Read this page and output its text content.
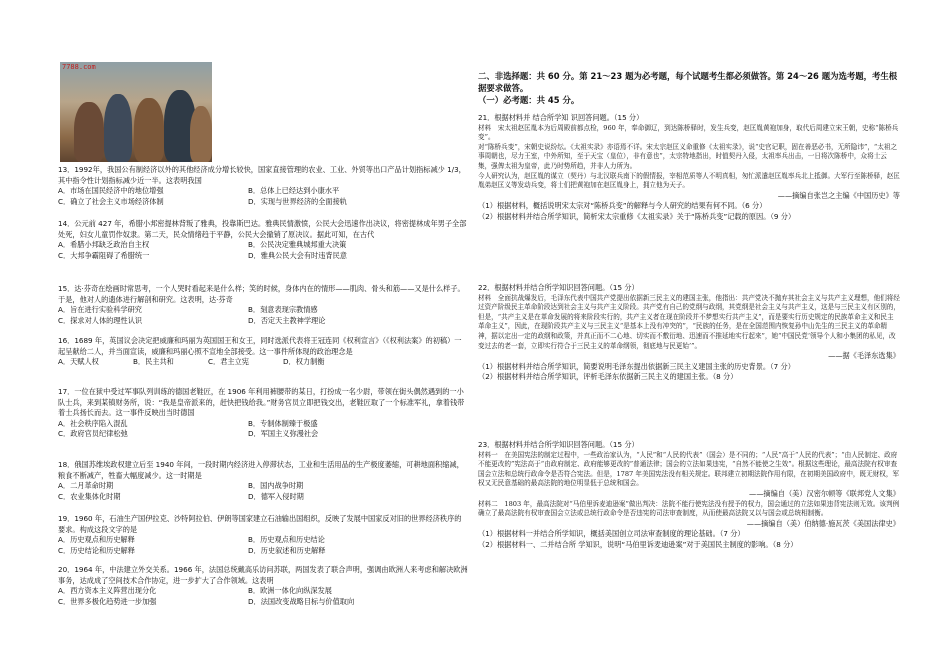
7788.com

13．1992年，我国公有制经济以外的其他经济成分增长较快，国家直接管理的农业、工业、外贸等出口产品计划指标减少 1/3，其中指令性计划指标减少近一半。这表明我国

A．市场在国民经济中的地位增强	B．总体上已经达到小康水平
C．确立了社会主义市场经济体制	D．实现与世界经济的全面接轨

14．公元前 427 年，希腊小邦密提林背叛了雅典，投靠斯巴达。雅典民情激愤，公民大会迅速作出决议，将密提林成年男子全部处死，妇女儿童罚作奴隶。第二天，民众情绪趋于平静，公民大会撤销了原决议。据此可知，在古代

A．希腊小邦缺乏政治自主权	B．公民决定雅典城邦重大决策
C．大邦争霸阻碍了希腊统一	D．雅典公民大会有时违背民意

15．达·芬奇在绘画时常思考，一个人哭时看起来是什么样；笑的时候，身体内在的情形——肌肉、骨头和筋——又是什么样子。于是，他对人的遗体进行解剖和研究。这表明，达·芬奇

A．旨在进行实验科学研究	B．刻意表现宗教情感
C．探求对人体的理性认识	D．否定天主教神学理论

16．1689 年，英国议会决定把威廉和玛丽为英国国王和女王，同时选派代表将王冠连同《权利宣言》（《权利法案》的初稿）一起呈献给二人，并当面宣读，威廉和玛丽心照不宣地全部接受。这一事件所体现的政治理念是

A．天赋人权	B．民主共和	C．君主立宪	D．权力制衡

17．一位在狱中受过军事队列训练的德国老鞋匠，在 1906 年利用裤腰带的某日，打扮成一名少尉，带领在街头偶然遇到的一小队士兵，来到某镇财务所，说：“我是皇帝派来的，赶快把钱给我。”财务官员立即把钱交出，老鞋匠取了一个标准军礼，拿着钱带着士兵扬长而去。这一事件反映出当时德国

A．社会秩序陷入混乱	B．专制体制臻于极盛
C．政府官员纪律松弛	D．军国主义弥漫社会

18．俄国苏维埃政权建立后至 1940 年间，一段时期内经济进入停滞状态，工业和生活用品的生产极度萎缩，可耕地面积缩减，粮食不断减产，牲畜大幅度减少。这一时期是

A．二月革命时期	B．国内战争时期
C．农业集体化时期	D．德军入侵时期

19．1960 年，石油生产国伊拉克、沙特阿拉伯、伊朗等国家建立石油输出国组织，反映了发展中国家反对旧的世界经济秩序的要求。构成这段文字的是

A．历史观点和历史解释	B．历史观点和历史结论
C．历史结论和历史解释	D．历史叙述和历史解释

20．1964 年，中法建立外交关系。1966 年，法国总统戴高乐访问苏联，两国发表了联合声明，强调由欧洲人来考虑和解决欧洲事务，达成成了空间技术合作协定，进一步扩大了合作领域。这表明

A．西方资本主义阵营出现分化	B．欧洲一体化向纵深发展
C．世界多极化趋势进一步加强	D．法国改变战略目标与价值取向

二、非选择题：共 60 分。第 21～23 题为必考题，每个试题考生都必须做答。第 24～26 题为选考题，考生根据要求做答。

（一）必考题：共 45 分。

21．根据材料并 结合所学知 识回答问题。（15 分）

材料　宋太祖赵匡胤本为后周殿前都点检，960 年，奉命御辽，到达陈桥驿时，发生兵变，赵匡胤黄袍加身，取代后周建立宋王朝，史称“陈桥兵变”。

对“陈桥兵变”，宋朝史说纷纭。《太祖实录》亦语焉不详。宋太宗赵匡义命重修《太祖实录》，说“史官记职，固在善恶必书，无所隐讳”，“太祖之事周朝也，尽力王室，中外所知，至于天宝（皇位），非有意也”，太宗特地指出，时值契丹入侵，太祖率兵出击，一日将次陈桥中，众将士云集，强俾太祖为皇帝，此乃时势所趋，并非人力所为。

今人研究认为，赵匡胤的谋立（契丹）与北汉联兵南下的假情报，宰相范质等人不明真相，匆忙派遣赵匡胤率兵北上抵御。大军行至陈桥驿，赵匡胤弟赵匡义等发动兵变，将士们把黄袍加在赵匡胤身上，拥立他为天子。

——摘编自张岂之主编《中国历史》等

（1）根据材料，概括说明宋太宗对“陈桥兵变”的解释与今人研究的结果有何不同。（6 分）

（2）根据材料并结合所学知识，简析宋太宗重修《太祖实录》关于“陈桥兵变”记载的原因。（9 分）

22．根据材料并结合所学知识回答问题。（15 分）

材料　全面抗战爆发后，毛泽东代表中国共产党提出依据新三民主义的建国主张，他指出：共产党决不抛弃其社会主义与共产主义理想，他们将经过资产阶级民主革命阶段达到社会主义与共产主义阶段。共产党有自己的党纲与政纲，其党纲是社会主义与共产主义，这是与三民主义有区别的，但是，“共产主义是在革命发展的将来阶段实行的，共产主义者在现在阶段并不梦想实行共产主义”，而是要实行历史规定的民族革命主义和民主革命主义”，因此，在现阶段共产主义与三民主义“是基本上没有冲突的”，“民族的任务，是在全国范围内恢复孙中山先生的三民主义的革命精神，据以定出一定的政纲和政策，并真正而不二心地、切实而不敷衍地、迅速而不推延地实行起来”，她“中国民党‘领导个人和小集团的私见，改变过去的老一套，立即实行符合于三民主义的革命纲领，彻底地与民更始’”。

——据《毛泽东选集》

（1）根据材料并结合所学知识，简要说明毛泽东提出依据新三民主义建国主张的历史背景。（7 分）

（2）根据材料并结合所学知识，评析毛泽东依据新三民主义的建国主张。（8 分）

23．根据材料并结合所学知识回答问题。（15 分）

材料一　在美国宪法的制定过程中，一些政治家认为，“人民”和“人民的代表”（国会）是不同的；“人民”高于“人民的代表”；“由人民制定、政府不能更改的”宪法高于“由政府制定、政府能够更改的”普通法律；国会的立法如果违宪，“自然不能使之生效”。根据这些理论，最高法院有权审查国会立法和总统行政命令是否符合宪法。但是，1787 年美国宪法没有相关规定。联邦建立初期法院作用有限，在初期美国政府中，既无财权，军权又无民意基础的最高法院的地位明显低于总统和国会。

——摘编自（美）汉密尔顿等《联邦党人文集》

材料二　1803 年，最高法院对“马伯里诉麦迪逊案”做出判决：法院不能行使宪法没有授予的权力，国会通过的立法如果违背宪法则无效。该判例确立了最高法院有权审查国会立法或总统行政命令是否违宪的司法审查制度，从而使最高法院又以与国会或总统相制衡。

——摘编自（美）伯纳德·施瓦茨《美国法律史》

（1）根据材料一并结合所学知识，概括美国创立司法审查制度的理论基础。（7 分）

（2）根据材料一、二并结合所 学知识，说明“马伯里诉麦迪逊案”对于美国民主制度的影响。（8 分）
